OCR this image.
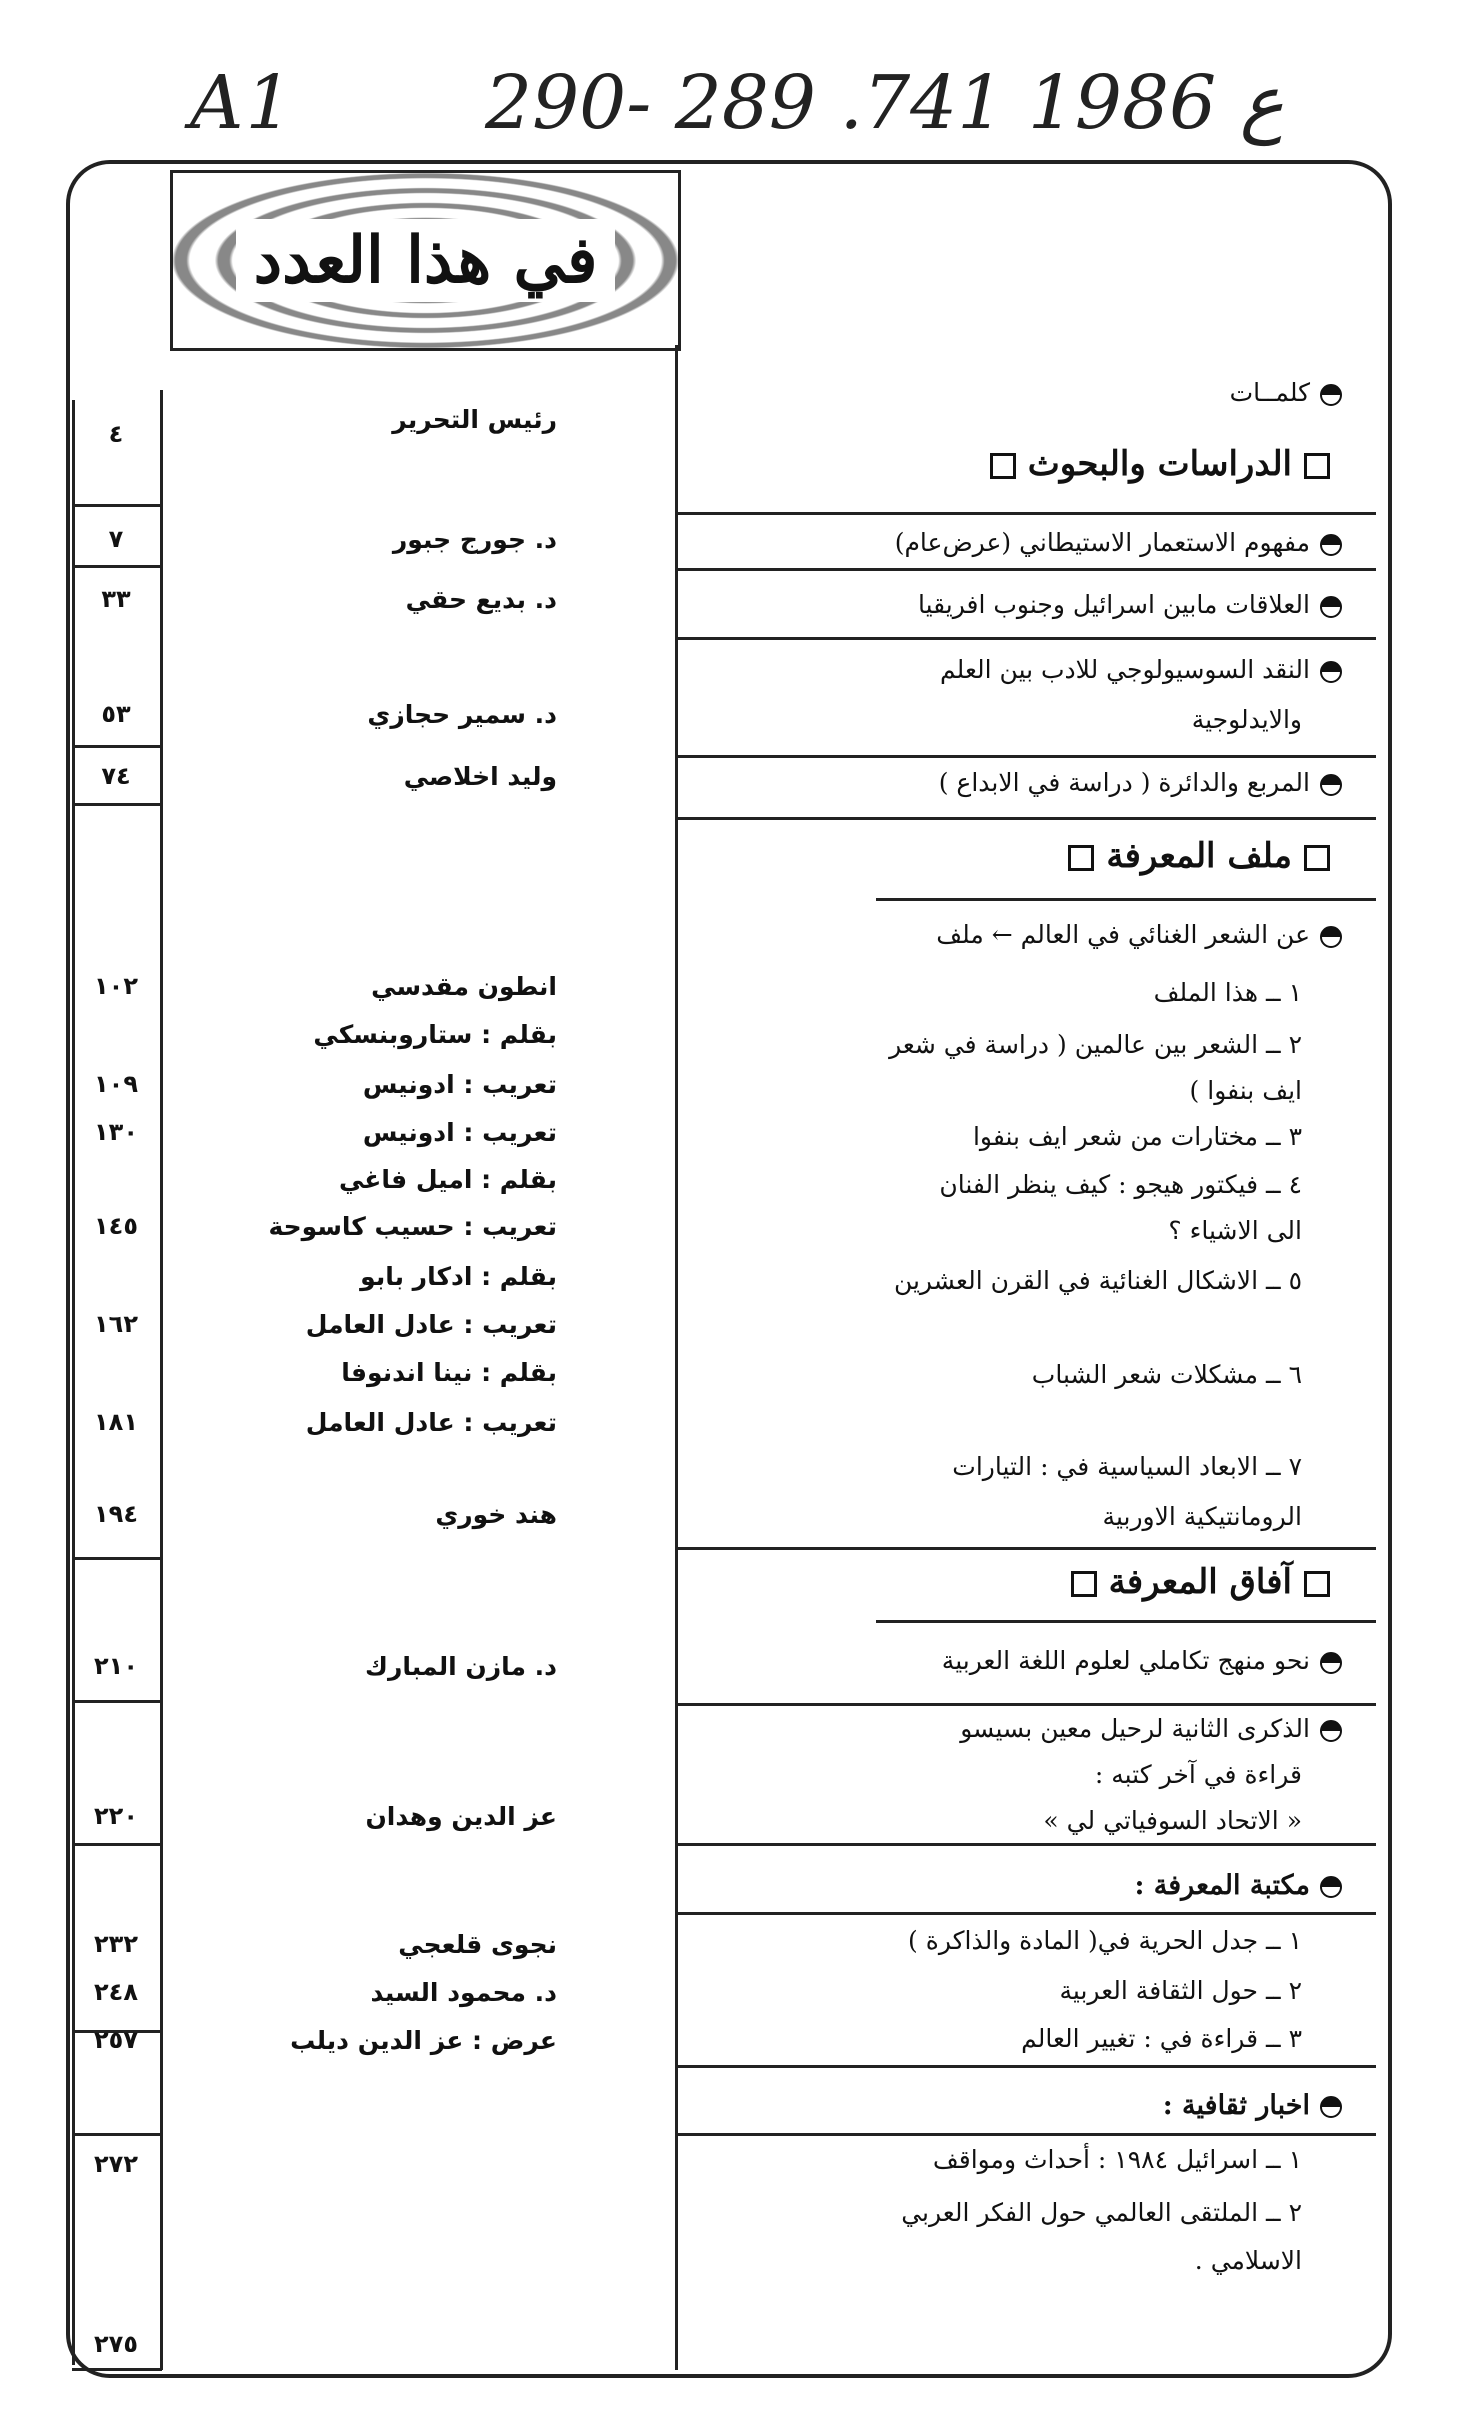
A1	290- 289 .ع 1986 741
في هذا العدد
كلمــات
الدراسات والبحوث
مفهوم الاستعمار الاستيطاني (عرض‌عام)
العلاقات مابين اسرائيل وجنوب افريقيا
النقد السوسيولوجي للادب بين العلم
والايدلوجية
المربع والدائرة ( دراسة في الابداع )
ملف المعرفة
عن الشعر الغنائي في العالم ← ملف
١ ــ هذا الملف
٢ ــ الشعر بين عالمين ( دراسة في شعر
ايف بنفوا )
٣ ــ مختارات من شعر ايف بنفوا
٤ ــ فيكتور هيجو : كيف ينظر الفنان
الى الاشياء ؟
٥ ــ الاشكال الغنائية في القرن العشرين
٦ ــ مشكلات شعر الشباب
٧ ــ الابعاد السياسية في : التيارات
الرومانتيكية الاوربية
آفاق المعرفة
نحو منهج تكاملي لعلوم اللغة العربية
الذكرى الثانية لرحيل معين بسيسو
قراءة في آخر كتبه :
« الاتحاد السوفياتي لي »
مكتبة المعرفة :
١ ــ جدل الحرية في( المادة والذاكرة )
٢ ــ حول الثقافة العربية
٣ ــ قراءة في : تغيير العالم
اخبار ثقافية :
١ ــ اسرائيل ١٩٨٤ : أحداث ومواقف
٢ ــ الملتقى العالمي حول الفكر العربي
الاسلامي .
رئيس التحرير
د. جورج جبور
د. بديع حقي
د. سمير حجازي
وليد اخلاصي
انطون مقدسي
بقلم : ستاروبنسكي
تعريب : ادونيس
تعريب : ادونيس
بقلم : اميل فاغي
تعريب : حسيب كاسوحة
بقلم : ادكار بابو
تعريب : عادل العامل
بقلم : نينا اندنوفا
تعريب : عادل العامل
هند خوري
د. مازن المبارك
عز الدين وهدان
نجوى قلعجي
د. محمود السيد
عرض : عز الدين ديلب
٤
٧
٣٣
٥٣
٧٤
١٠٢
١٠٩
١٣٠
١٤٥
١٦٢
١٨١
١٩٤
٢١٠
٢٢٠
٢٣٢
٢٤٨
٢٥٧
٢٧٢
٢٧٥
